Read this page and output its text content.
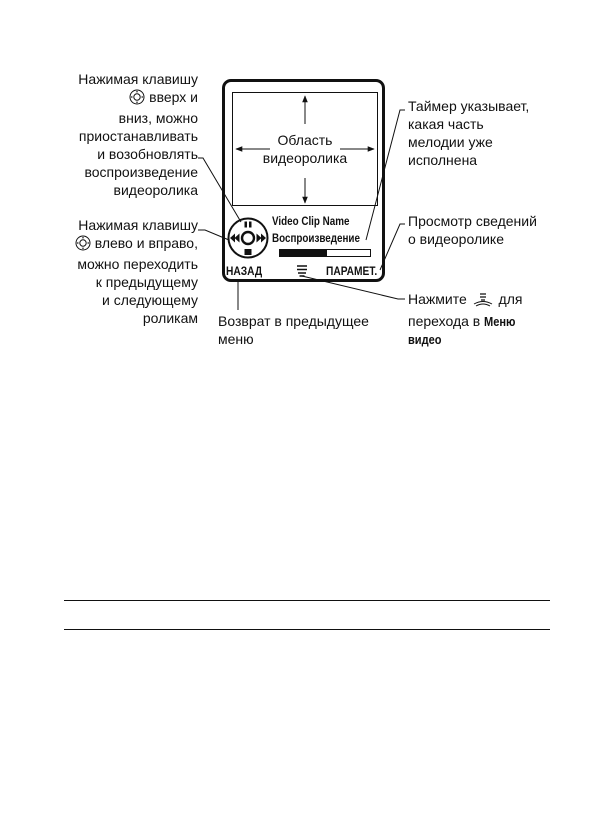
Нажимая клавишу
вверх и
вниз, можно
приостанавливать
и возобновлять
воспроизведение
видеоролика
Нажимая клавишу
влево и вправо,
можно переходить
к предыдущему
и следующему
роликам
Таймер указывает,
какая часть
мелодии уже
исполнена
Просмотр сведений
о видеоролике
Нажмите для
перехода в Меню
видео
Возврат в предыдущее
меню
Область
видеоролика
Video Clip Name
Воспроизведение
НАЗАД	ПАРАМЕТ.
